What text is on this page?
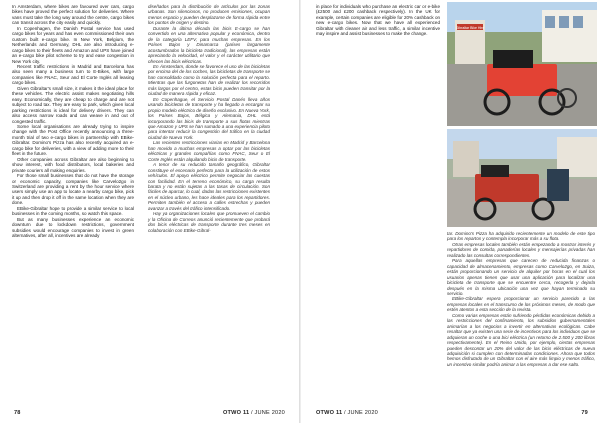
In Amsterdam, where bikes are favoured over cars, cargo bikes have proved the perfect solution for deliveries. Where vans must take the long way around the centre, cargo bikes can transit across the city easily and quickly.

In Copenhagen, the Danish Postal service has used cargo bikes for years and has even commissioned their own custom built e-cargo bike. In New York, Belgium, the Netherlands and Germany, DHL are also introducing e-cargo bikes to their fleets and Amazon and UPS have joined an e-cargo bike pilot scheme to try and ease congestion in New York city.

Recent traffic restrictions in Madrid and Barcelona has also seen many a business turn to E-Bikes, with large companies like FNAC, Seur and El Corte Inglés all leasing cargo bikes.

Given Gibraltar's small size, it makes it the ideal place for these vehicles. The electric assist makes negotiating hills easy. Economically, they are cheap to charge and are not subject to road tax. They are easy to park, which given local parking restrictions is ideal for delivery drivers. They can also access narrow roads and can weave in and out of congested traffic.

Some local organisations are already trying to inspire change with the Post Office recently announcing a three-month trial of two e-cargo bikes in partnership with EBike-Gibraltar. Domino's Pizza has also recently acquired an e-cargo bike for deliveries, with a view of adding more to their fleet in the future.

Other companies across Gibraltar are also beginning to show interest, with food distributors, local bakeries and private couriers all making enquiries.

For those small businesses that do not have the storage or economic capacity, companies like Carvelo2go in Switzerland are providing a rent by the hour service where users simply use an app to locate a nearby cargo bike, pick it up and then drop it off in the same location when they are done.

EBike-Gibraltar hope to provide a similar service to local businesses in the coming months, so watch this space.

But as many businesses experience an economic downturn due to lockdown restrictions, government subsidies would encourage companies to invest in green alternatives, after all, incentives are already

diseñados para la distribución de artículos por las zonas urbanas. Son silenciosos, no producen emisiones, ocupan menos espacio y pueden desplazarse de forma rápida entre los puntos de origen y destino.

Durante la última década las bicis E-cargo se han convertido en una alternativa popular y económica, dentro de la categoría LEFV, para muchas empresas. En los Países Bajos y Dinamarca (países largamente acostumbrados la bicicleta tradicional), las empresas están apreciando la velocidad, el valor y el carácter utilitario que ofrecen las bicis eléctricas.

En Ámsterdam, donde se favorece el uso de las bicicletas por encima del de los coches, las bicicletas de transporte se han consolidado como la solución perfecta para el reparto. Mientras que las furgonetas han de realizar los recorridos más largos por el centro, estas bicis pueden transitar por la ciudad de manera rápida y eficaz.

En Copenhague, el Servicio Postal Danés lleva años usando bicicletas de transporte y ha llegado a encargar su propio modelo eléctrico de diseño exclusivo. En Nueva York, los Países Bajos, Bélgica y Alemania, DHL está incorporando las bicis de transporte a sus flotas mientras que Amazon y UPS se han sumado a una experiencia piloto para intentar reducir la congestión del tráfico en la ciudad ciudad de Nueva York.

Las recientes restricciones viarias en Madrid y Barcelona han movido a muchas empresas a optar por las bicicletas eléctricas y grandes compañías como FNAC, Seur o El Corte Inglés están alquilando bicis de transporte.

A tenor de su reducido tamaño geográfico, Gibraltar constituye el escenario perfecto para la utilización de estos vehículos. El apoyo eléctrico permite negociar las cuestas con facilidad. En el terreno económico, su carga resulta barata y no están sujetas a las tasas de circulación. Son fáciles de aparcar, lo cual, dadas las restricciones existentes en el núcleo urbano, les hace ideales para los repartidores. Permiten también el acceso a calles estrechas y pueden avanzar a través del tráfico intensificado.

Hay ya organizaciones locales que promueven el cambio y la Oficina de Correos anunció recientemente que probará dos bicis eléctricas de transporte durante tres meses en colaboración con EBike-Gibral-

78	OTWO 11 / JUNE 2020

in place for individuals who purchase an electric car or e-bike (£2500 and £200 cashback respectively). In the UK for example, certain companies are eligible for 20% cashback on new e-cargo bikes. Now that we have all experienced Gibraltar with cleaner air and less traffic, a similar incentive may inspire and assist businesses to make the change.

Gibraltar Bike Hire

tar. Domino's Pizza ha adquirido recientemente un modelo de este tipo para los repartos y contempla incorporar más a su flota.

Otras empresas locales también están empezando a mostrar interés y repartidores de comida, panaderías locales y mensajerías privadas han realizado las consultas correspondientes.

Para aquellas empresas que carecen de reducida finanzas o capacidad de almacenamiento, empresas como Carvelo2go, en Suiza, están proporcionando un servicio de alquiler por horas en el cual los usuarios apenas tienen que usar una aplicación para localizar una bicicleta de transporte que se encuentre cerca, recogerla y dejarla después en la misma ubicación una vez que hayan terminado su servicio.

EBike-Gibraltar espera proporcionar un servicio parecido a las empresas locales en el transcurso de los próximos meses, de modo que estén atentos a esta sección de la revista.

Como varias empresas están sufriendo pérdidas económicas debido a las restricciones del confinamiento, los subsidios gubernamentales animarían a los negocios a invertir en alternativas ecológicas. Cabe resaltar que ya existen una serie de incentivos para los individuos que se adquieran un coche o una bici eléctrica (un retorno de 2.500 y 200 libras respectivamente). En el Reino Unido, por ejemplo, ciertas empresas pueden descontar un 20% del valor de las bicis eléctricas de nueva adquisición si cumplen con determinadas condiciones. Ahora que todos hemos disfrutado de un Gibraltar con el aire más limpio y menos tráfico, un incentivo similar podría animar a las empresas a dar ese salto.

OTWO 11 / JUNE 2020	79
